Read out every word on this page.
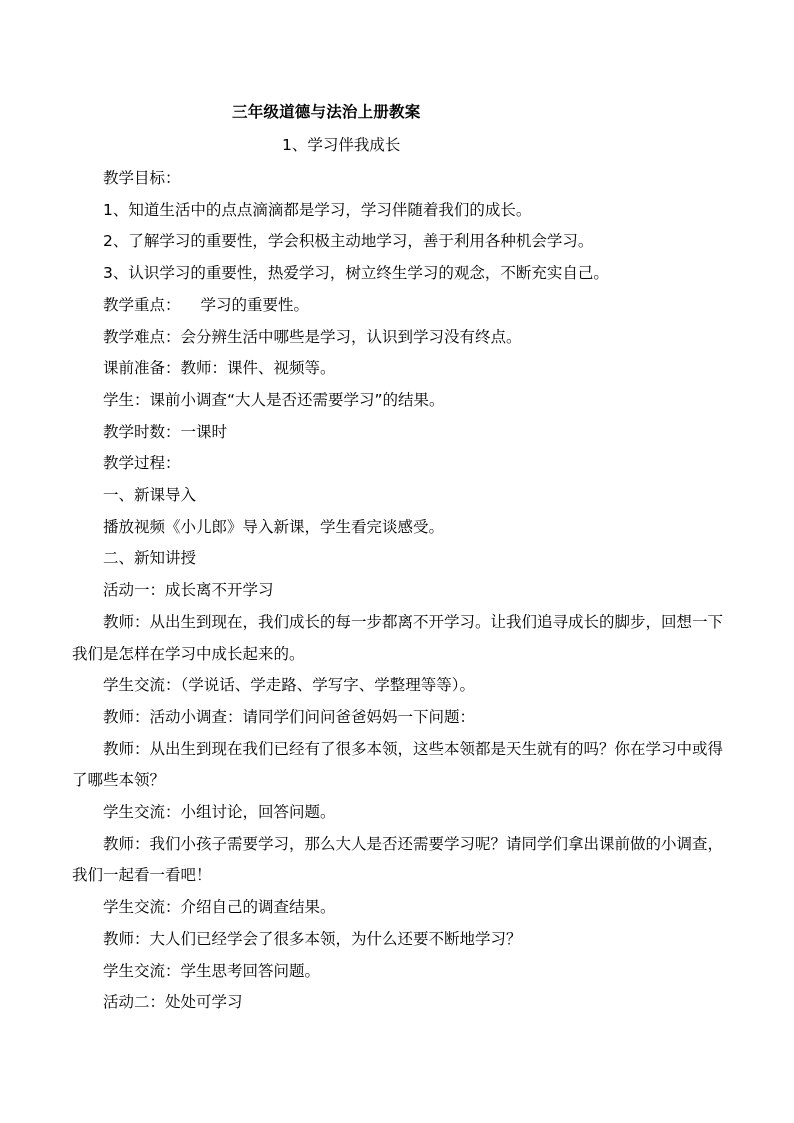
三年级道德与法治上册教案
1、学习伴我成长

教学目标：

1、知道生活中的点点滴滴都是学习，学习伴随着我们的成长。

2、了解学习的重要性，学会积极主动地学习，善于利用各种机会学习。

3、认识学习的重要性，热爱学习，树立终生学习的观念，不断充实自己。

教学重点： 学习的重要性。

教学难点：会分辨生活中哪些是学习，认识到学习没有终点。

课前准备：教师：课件、视频等。

学生：课前小调查“大人是否还需要学习”的结果。

教学时数：一课时

教学过程：

一、新课导入

播放视频《小儿郎》导入新课，学生看完谈感受。

二、新知讲授

活动一：成长离不开学习

教师：从出生到现在，我们成长的每一步都离不开学习。让我们追寻成长的脚步，回想一下我们是怎样在学习中成长起来的。

学生交流：（学说话、学走路、学写字、学整理等等）。

教师：活动小调查：请同学们问问爸爸妈妈一下问题：

教师：从出生到现在我们已经有了很多本领，这些本领都是天生就有的吗？你在学习中或得了哪些本领？

学生交流：小组讨论，回答问题。

教师：我们小孩子需要学习，那么大人是否还需要学习呢？请同学们拿出课前做的小调查，我们一起看一看吧！

学生交流：介绍自己的调查结果。

教师：大人们已经学会了很多本领，为什么还要不断地学习？

学生交流：学生思考回答问题。

活动二：处处可学习
